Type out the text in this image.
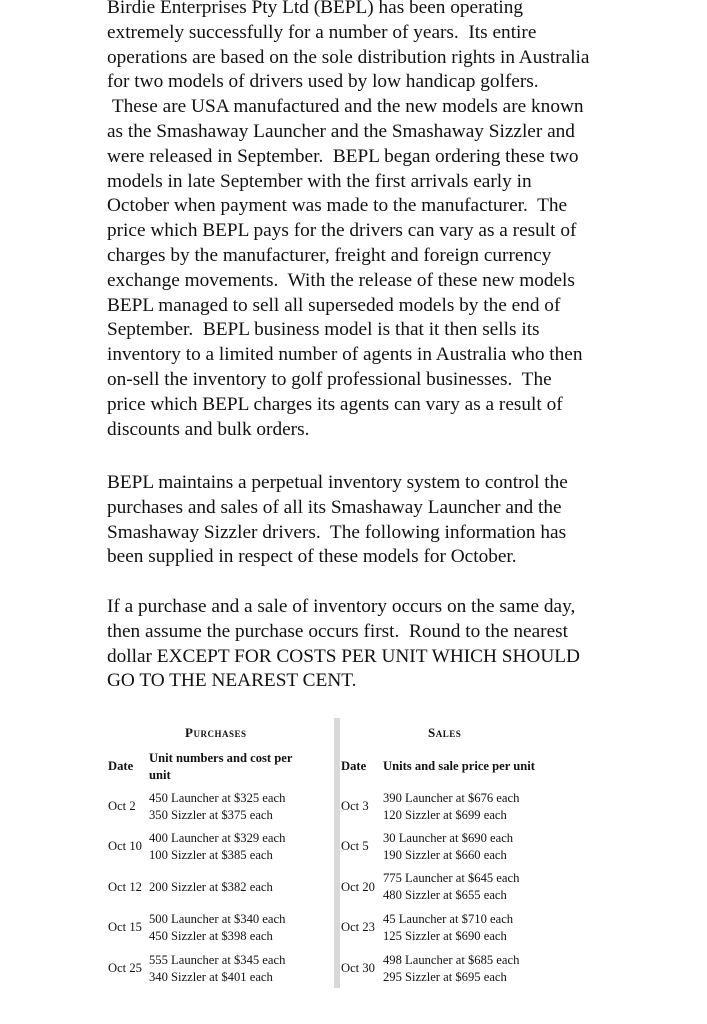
Birdie Enterprises Pty Ltd (BEPL) has been operating
extremely successfully for a number of years.  Its entire
operations are based on the sole distribution rights in Australia
for two models of drivers used by low handicap golfers.
These are USA manufactured and the new models are known
as the Smashaway Launcher and the Smashaway Sizzler and
were released in September.  BEPL began ordering these two
models in late September with the first arrivals early in
October when payment was made to the manufacturer.  The
price which BEPL pays for the drivers can vary as a result of
charges by the manufacturer, freight and foreign currency
exchange movements.  With the release of these new models
BEPL managed to sell all superseded models by the end of
September.  BEPL business model is that it then sells its
inventory to a limited number of agents in Australia who then
on-sell the inventory to golf professional businesses.  The
price which BEPL charges its agents can vary as a result of
discounts and bulk orders.

BEPL maintains a perpetual inventory system to control the
purchases and sales of all its Smashaway Launcher and the
Smashaway Sizzler drivers.  The following information has
been supplied in respect of these models for October.

If a purchase and a sale of inventory occurs on the same day,
then assume the purchase occurs first.  Round to the nearest
dollar EXCEPT FOR COSTS PER UNIT WHICH SHOULD
GO TO THE NEAREST CENT.

Purchases
Date
Unit numbers and cost per
unit
Sales
Date Units and sale price per unit
Oct 2
450 Launcher at $325 each
350 Sizzler at $375 each
Oct 10
400 Launcher at $329 each
100 Sizzler at $385 each
Oct 12 200 Sizzler at $382 each
Oct 15
500 Launcher at $340 each
450 Sizzler at $398 each
Oct 25
555 Launcher at $345 each
340 Sizzler at $401 each
Oct 3
390 Launcher at $676 each
120 Sizzler at $699 each
Oct 5
30 Launcher at $690 each
190 Sizzler at $660 each
Oct 20
775 Launcher at $645 each
480 Sizzler at $655 each
Oct 23
45 Launcher at $710 each
125 Sizzler at $690 each
Oct 30
498 Launcher at $685 each
295 Sizzler at $695 each
